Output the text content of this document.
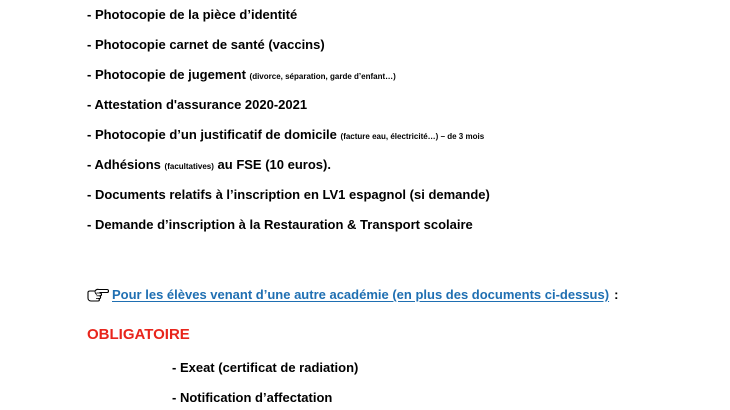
- Photocopie de la pièce d’identité
- Photocopie carnet de santé (vaccins)
- Photocopie de jugement (divorce, séparation, garde d’enfant…)
- Attestation d'assurance 2020-2021
- Photocopie d’un justificatif de domicile (facture eau, électricité…) – de 3 mois
- Adhésions (facultatives) au FSE (10 euros).
- Documents relatifs à l’inscription en LV1 espagnol (si demande)
- Demande d’inscription à la Restauration & Transport scolaire
Pour les élèves venant d’une autre académie (en plus des documents ci-dessus) :
OBLIGATOIRE
- Exeat (certificat de radiation)
- Notification d’affectation
